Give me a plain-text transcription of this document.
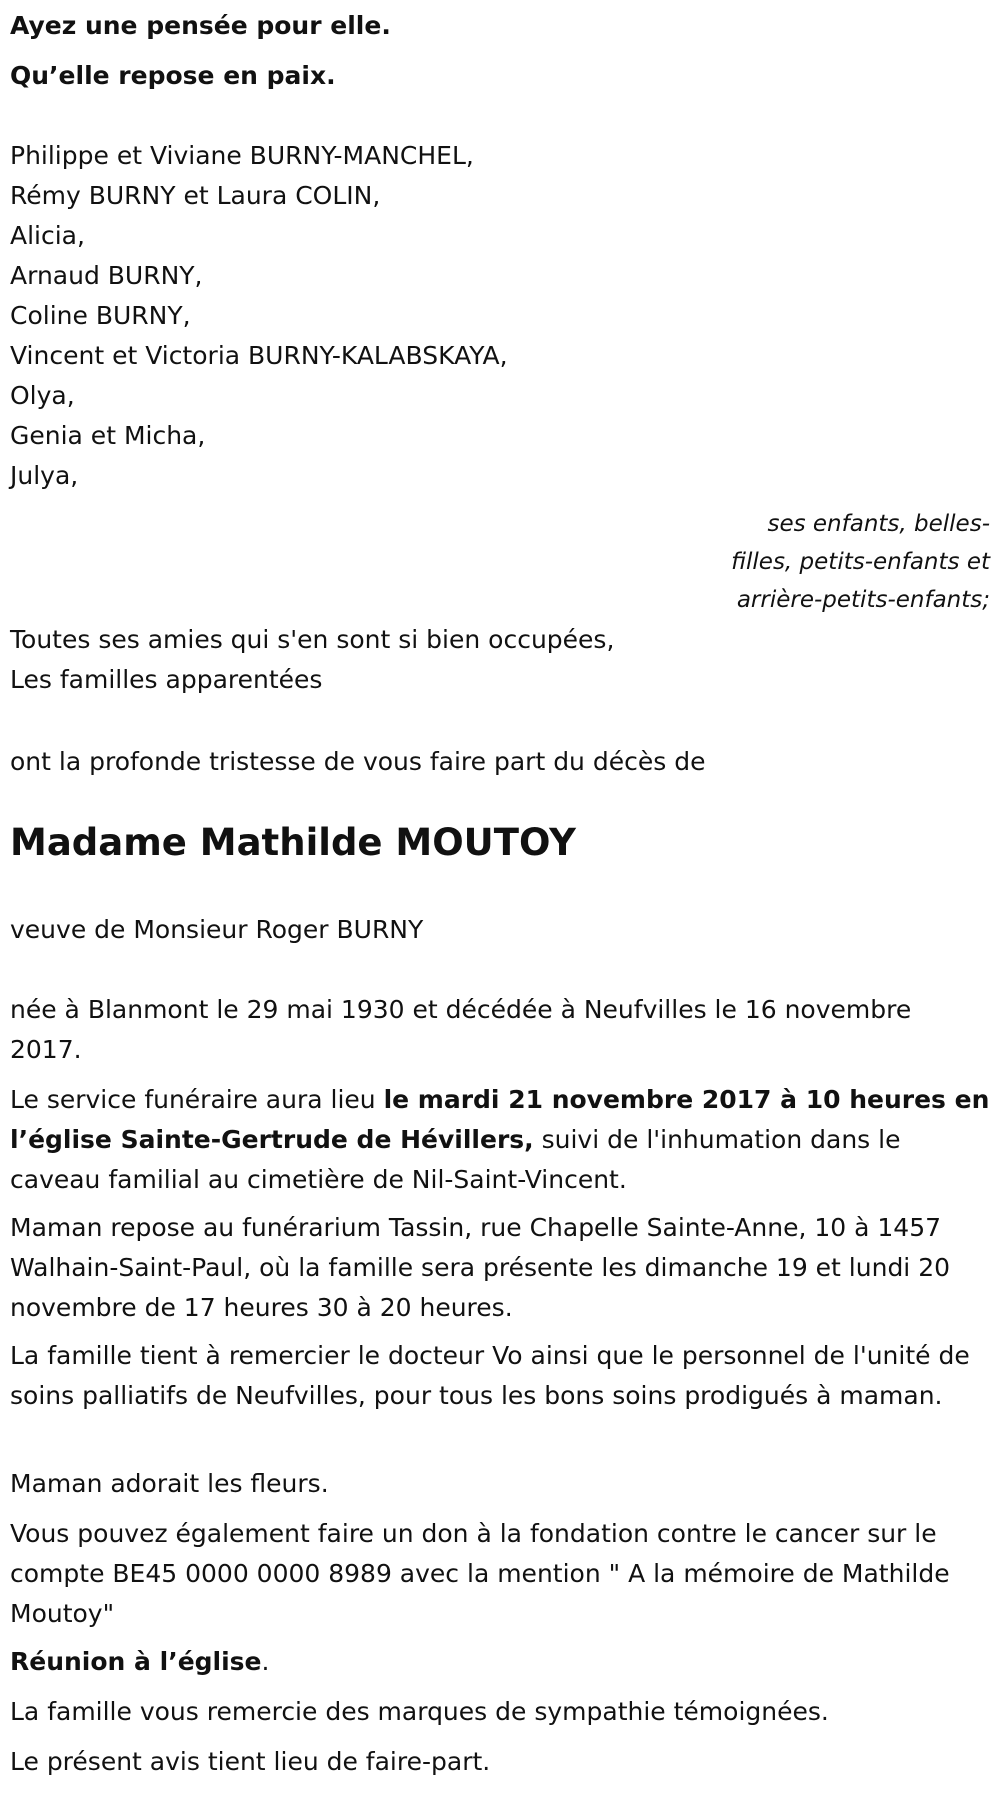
Ayez une pensée pour elle.

Qu’elle repose en paix.

Philippe et Viviane BURNY-MANCHEL,
Rémy BURNY et Laura COLIN,
Alicia,
Arnaud BURNY,
Coline BURNY,
Vincent et Victoria BURNY-KALABSKAYA,
Olya,
Genia et Micha,
Julya,

ses enfants, belles-filles, petits-enfants et arrière-petits-enfants;

Toutes ses amies qui s'en sont si bien occupées,

Les familles apparentées

ont la profonde tristesse de vous faire part du décès de

Madame Mathilde MOUTOY

veuve de Monsieur Roger BURNY

née à Blanmont le 29 mai 1930 et décédée à Neufvilles le 16 novembre 2017.

Le service funéraire aura lieu le mardi 21 novembre 2017 à 10 heures en l’église Sainte-Gertrude de Hévillers, suivi de l'inhumation dans le caveau familial au cimetière de Nil-Saint-Vincent.

Maman repose au funérarium Tassin, rue Chapelle Sainte-Anne, 10 à 1457 Walhain-Saint-Paul, où la famille sera présente les dimanche 19 et lundi 20 novembre de 17 heures 30 à 20 heures.

La famille tient à remercier le docteur Vo ainsi que le personnel de l'unité de soins palliatifs de Neufvilles, pour tous les bons soins prodigués à maman.

Maman adorait les fleurs.

Vous pouvez également faire un don à la fondation contre le cancer sur le compte BE45 0000 0000 8989 avec la mention " A la mémoire de Mathilde Moutoy"

Réunion à l’église.

La famille vous remercie des marques de sympathie témoignées.

Le présent avis tient lieu de faire-part.
